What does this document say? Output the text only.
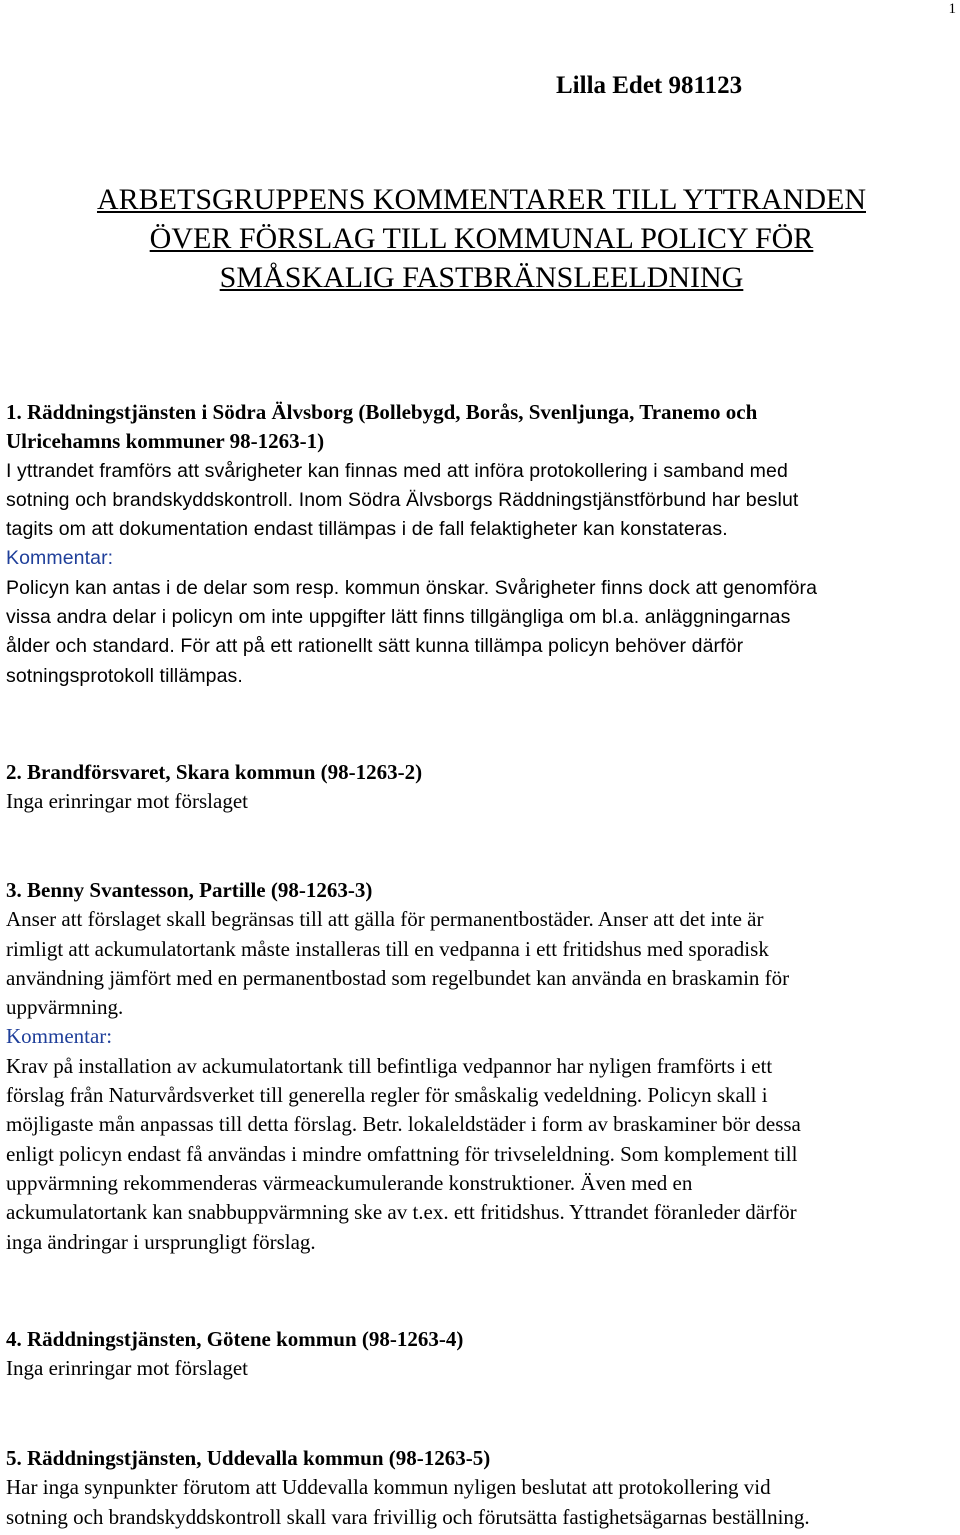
1
Lilla Edet 981123
ARBETSGRUPPENS KOMMENTARER TILL YTTRANDEN
ÖVER FÖRSLAG TILL KOMMUNAL POLICY FÖR
SMÅSKALIG FASTBRÄNSLEELDNING
1. Räddningstjänsten i Södra Älvsborg (Bollebygd, Borås, Svenljunga, Tranemo och
Ulricehamns kommuner 98-1263-1)
I yttrandet framförs att svårigheter kan finnas med att införa protokollering i samband med
sotning och brandskyddskontroll. Inom Södra Älvsborgs Räddningstjänstförbund har beslut
tagits om att dokumentation endast tillämpas i de fall felaktigheter kan konstateras.
Kommentar:
Policyn kan antas i de delar som resp. kommun önskar. Svårigheter finns dock att genomföra
vissa andra delar i policyn om inte uppgifter lätt finns tillgängliga om bl.a. anläggningarnas
ålder och standard. För att på ett rationellt sätt kunna tillämpa policyn behöver därför
sotningsprotokoll tillämpas.
2. Brandförsvaret, Skara kommun (98-1263-2)
Inga erinringar mot förslaget
3. Benny Svantesson, Partille (98-1263-3)
Anser att förslaget skall begränsas till att gälla för permanentbostäder. Anser att det inte är
rimligt att ackumulatortank måste installeras till en vedpanna i ett fritidshus med sporadisk
användning jämfört med en permanentbostad som regelbundet kan använda en braskamin för
uppvärmning.
Kommentar:
Krav på installation av ackumulatortank till befintliga vedpannor har nyligen framförts i ett
förslag från Naturvårdsverket till generella regler för småskalig vedeldning. Policyn skall i
möjligaste mån anpassas till detta förslag. Betr. lokaleldstäder i form av braskaminer bör dessa
enligt policyn endast få användas i mindre omfattning för trivseleldning. Som komplement till
uppvärmning rekommenderas värmeackumulerande konstruktioner. Även med en
ackumulatortank kan snabbuppvärmning ske av t.ex. ett fritidshus. Yttrandet föranleder därför
inga ändringar i ursprungligt förslag.
4. Räddningstjänsten, Götene kommun (98-1263-4)
Inga erinringar mot förslaget
5. Räddningstjänsten, Uddevalla kommun (98-1263-5)
Har inga synpunkter förutom att Uddevalla kommun nyligen beslutat att protokollering vid
sotning och brandskyddskontroll skall vara frivillig och förutsätta fastighetsägarnas beställning.
